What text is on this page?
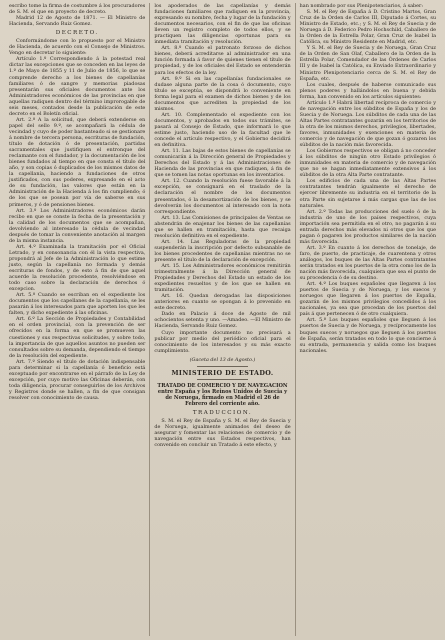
escribo tome la firma de costumbre á los procuradores de S. M. el que en proyecto de decreto.

Madrid 12 de Agosto de 1871. — El Ministro de Hacienda, Servando Ruiz Gomez.

DECRETO.

Conformándome con lo propuesto por el Ministro de Hacienda, de acuerdo con el Consejo de Ministros. Vengo en decretar lo siguiente:

Artículo 1.º Correspondiendo á la potestad real dictar las excepciones que se conceden en las leyes de 1.º de Mayo de 1855 y 11 de Julio de 1856, lo que se comprende derecho a los bienes de capellanías familiares ó de sangre y memorias piadosas presentarán sus oficiales documentos ante los Administradores económicos de las provincias en que aquellas radiquen dentro del término improrogable de seis meses, contados desde la publicación de este decreto en el Boletín oficial.

Art. 2.º A la solicitud, que deberá extenderse en papel del sello 9.º, se acompañará la cédula de vecindad y cuyo de poder bastanteado si se gestionare á nombre de tercera persona, escrituras de fundación, título de dotación ó de presentación, partidas sacramentales que justifiquen el entronque del reclamante con el fundador, y la documentación de los bienes fundados al tiempo en que consta el título del año, y son copias ó duplicados de los mismos datos de la capellanía, haciendo a fundaciones de otros justificados, con sus poderes, expresando en el acto de su fundación, las valores que están en la Administración de la Hacienda á los fin cumpliendo; ó de los que se posean por vía de saberse en sus primeros, y ó de pensiones bienes.

Art. 3.º Los Administradores económicos darán recibo en que se conste la fecha de la presentación y la calidad de los documentos que se acompañan, devolviendo al interesado la cédula de vecindad después de tomar la conveniente anotación al margen de la misma instancia.

Art. 4.º Examinada la tramitación por el Oficial Letrado, y en consonancia con él la vista respectiva, propondrá al Jefe de la Administración lo que estime justo, según la capellanía no formada y demás escrituras de fondos, y de esto á fin de que aquel acuerde la resolución procedente, resolviéndose en todo caso sobre la declaración de derechos ó excepcion.

Art. 5.º Cuando se escriban en el expediente los documentos que los capellanes de la capellanía, se les pasarán á los interesados para que aporten los que les falten, y dicho expediente á las oficinas.

Art. 6.º La Sección de Propiedades y Contabilidad en el orden provincial, con la prevención de ser ofrecidos en la forma en que se promueven las cuestiones y sus respectivas solicitudes, y sobre todo, la importancia de que aquellos asuntos no pueden ser consultados sobre su demanda, dependiendo el tiempo de la resolución del expediente.

Art. 7.º Siendo el título de dotación indispensable para determinar si la capellanía ó beneficio está exceptuado por encontrarse en el párrafo de la Ley de excepción, por cuyo motivo las Oficinas deberán, con toda diligencia, procurar conseguirlos de los Archivos y Registros donde se hallen, a fin de que consigan resolver con conocimiento de causa.

los apoderados de las capellanías y demás fundaciones familiares que radiquen en la provincia, expresando su nombre, fecha y lugar de la fundación y documentos necesarios, con el fin de que las oficinas lleven un registro completo de todos ellos, y se practiquen las diligencias oportunas para su inmediata tramitación y resolución.

Art. 8.º Cuando el patronato forzoso de dichos bienes, deberá acreditarse al administrador en una función formada á favor de quienes tienen el título de propiedad, y de los oficiales del Estado se entenderán para los efectos de la ley.

Art. 9.º Si en las capellanías fundacionales se dudase alguna parte de la cosa ó documento, cuyo título se exceptúa, se dispondrá lo conveniente en forma legal para el examen de dichos bienes y de los documentos que acrediten la propiedad de los mismos.

Art. 10. Complementado el expediente con los documentos, y aprobados en todos sus trámites, se pasará al Consejo de Estado, que informará lo que estime justo, haciendo uso de la facultad que le concede el artículo respectivo, y el Gobierno decidirá en definitiva.

Art. 11. Las bajas de estos bienes de capellanías se comunicarán á la Dirección general de Propiedades y Derechos del Estado y á las Administraciones de Hacienda de las provincias en que radiquen, á fin de que se tomen las notas oportunas en los inventarios.

Art. 12. Cuando la resolución fuese favorable á la excepción, se consignará en el traslado de la declaración el nombre de los documentos presentados, ó la desamortización de los bienes, y se devolverán los documentos al interesado con la nota correspondiente.

Art. 13. Las Comisiones de principales de Ventas se abstendrán de enajenar los bienes de las capellanías que se hallen en tramitación, hasta que recaiga resolución definitiva en el expediente.

Art. 14. Las Reguladoras de la propiedad suspenderán la inscripción por defecto subsanable de los bienes procedentes de capellanías mientras no se presente el título de la declaración de excepción.

Art. 15. Los Administradores económicos remitirán trimestralmente á la Dirección general de Propiedades y Derechos del Estado un estado de los expedientes resueltos y de los que se hallen en tramitación.

Art. 16. Quedan derogadas las disposiciones anteriores en cuanto se opongan á lo prevenido en este decreto.

Dado en Palacio á doce de Agosto de mil ochocientos setenta y uno. —Amadeo. —El Ministro de Hacienda, Servando Ruiz Gomez.

Cuyo importante documento no precisará a publicar por medio del periódico oficial para el conocimiento de los interesados y su más exacto cumplimiento.

(Gaceta del 13 de Agosto.)

MINISTERIO DE ESTADO.

TRATADO DE COMERCIO Y DE NAVEGACION entre España y los Reinos Unidos de Suecia y de Noruega, firmado en Madrid el 26 de Febrero del corriente año.

TRADUCCION.

S. M. el Rey de España y S. M. el Rey de Suecia y de Noruega, igualmente animados del deseo de asegurar y fomentar las relaciones de comercio y de navegación entre sus Estados respectivos, han convenido en concluir un Tratado á este efecto, y

han nombrado por sus Plenipotenciarios, á saber:

S. M. el Rey de España á D. Cristino Martos, Gran Cruz de la Orden de Carlos III, Diputado á Cortes, su Ministro de Estado, etc.; y S. M. el Rey de Suecia y de Noruega á D. Federico Pedro Hochschild, Caballero de la Orden de la Estrella Polar, Gran Cruz de Isabel la Católica, su Ministro Residente en Madrid, etc.

Y S. M. el Rey de Suecia y de Noruega, Gran Cruz de la Orden de San Olaf, Caballero de la Orden de la Estrella Polar, Comendador de las Órdenes de Carlos III y de Isabel la Católica, su Enviado Extraordinario y Ministro Plenipotenciario cerca de S. M. el Rey de España, etc.

Los cuales, después de haberse comunicado sus plenos poderes y hallándolos en buena y debida forma, han convenido en los artículos siguientes:

Artículo 1.º Habrá libertad recíproca de comercio y de navegación entre los súbditos de España y los de Suecia y de Noruega. Los súbditos de cada una de las Altas Partes contratantes gozarán en los territorios de la otra de los mismos derechos, privilegios, libertades, favores, inmunidades y exenciones en materia de comercio y de navegación de que gozan ó gozaren los súbditos de la nación más favorecida.

Los Gobiernos respectivos se obligan á no conceder á los súbditos de ningún otro Estado privilegios ó inmunidades en materia de comercio y de navegación que no se hagan inmediatamente extensivos á los súbditos de la otra Alta Parte contratante.

Los edificios de cada una de las Altas Partes contratantes tendrán igualmente el derecho de ejercer libremente su industria en el territorio de la otra Parte sin sujetarse á más cargas que las de los naturales.

Art. 2.º Todas las producciones del suelo ó de la industria de uno de los países respectivos, cuya importación sea permitida en el otro, no pagarán á su entrada derechos más elevados ni otros que los que pagan ó pagaren los productos similares de la nación más favorecida.

Art. 3.º En cuanto á los derechos de tonelaje, de faro, de puerto, de practicaje, de cuarentena y otros análogos, los buques de las Altas Partes contratantes serán tratados en los puertos de la otra como los de la nación más favorecida, cualquiera que sea el punto de su procedencia ó de su destino.

Art. 4.º Los buques españoles que llegaren á los puertos de Suecia y de Noruega, y los suecos y noruegos que llegaren á los puertos de España, gozarán de los mismos privilegios concedidos á los nacionales, ya sea que procedan de los puertos del país á que pertenecen ó de otro cualquiera.

Art. 5.º Los buques españoles que lleguen á los puertos de Suecia y de Noruega, y recíprocamente los buques suecos y noruegos que lleguen á los puertos de España, serán tratados en todo lo que concierne á su entrada, permanencia y salida como los buques nacionales.
